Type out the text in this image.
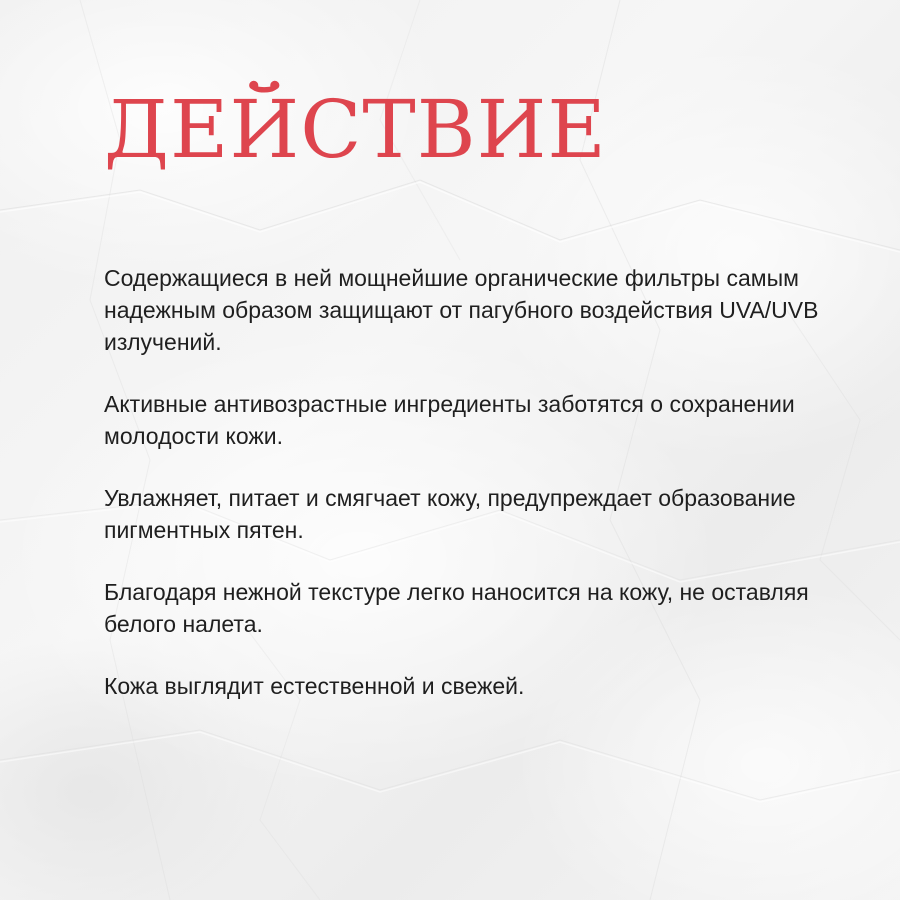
ДЕЙСТВИЕ

Содержащиеся в ней мощнейшие органические фильтры самым надежным образом защищают от пагубного воздействия UVA/UVB излучений.

Активные антивозрастные ингредиенты заботятся о сохранении молодости кожи.

Увлажняет, питает и смягчает кожу, предупреждает образование пигментных пятен.

Благодаря нежной текстуре легко наносится на кожу, не оставляя белого налета.

Кожа выглядит естественной и свежей.
